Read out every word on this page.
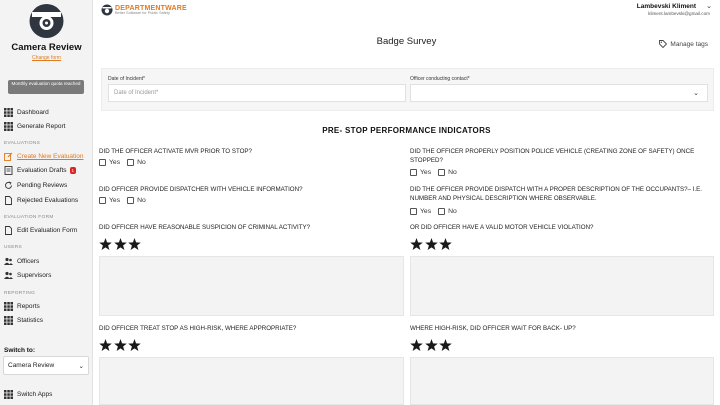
Camera Review
Change form
Monthly evaluation quota reached
Dashboard
Generate Report
EVALUATIONS
Create New Evaluation
Evaluation Drafts	1
Pending Reviews
Rejected Evaluations
EVALUATION FORM
Edit Evaluation Form
USERS
Officers
Supervisors
REPORTING
Reports
Statistics
Switch to:
Camera Review	⌄
Switch Apps
DEPARTMENTWARE
Better Software for Public Safety
Lambevski Kliment ⌄
kliment.lambevski@gmail.com
Badge Survey	Manage tags
Date of Incident*
Date of Incident*
Officer conducting contact*
⌄
PRE- STOP PERFORMANCE INDICATORS
DID THE OFFICER ACTIVATE MVR PRIOR TO STOP?
Yes	No
DID THE OFFICER PROPERLY POSITION POLICE VEHICLE (CREATING ZONE OF SAFETY) ONCE STOPPED?
Yes	No
DID OFFICER PROVIDE DISPATCHER WITH VEHICLE INFORMATION?
Yes	No
DID THE OFFICER PROVIDE DISPATCH WITH A PROPER DESCRIPTION OF THE OCCUPANTS?– I.E. NUMBER AND PHYSICAL DESCRIPTION WHERE OBSERVABLE.
Yes	No
DID OFFICER HAVE REASONABLE SUSPICION OF CRIMINAL ACTIVITY?	OR DID OFFICER HAVE A VALID MOTOR VEHICLE VIOLATION?
DID OFFICER TREAT STOP AS HIGH-RISK, WHERE APPROPRIATE?	WHERE HIGH-RISK, DID OFFICER WAIT FOR BACK- UP?
